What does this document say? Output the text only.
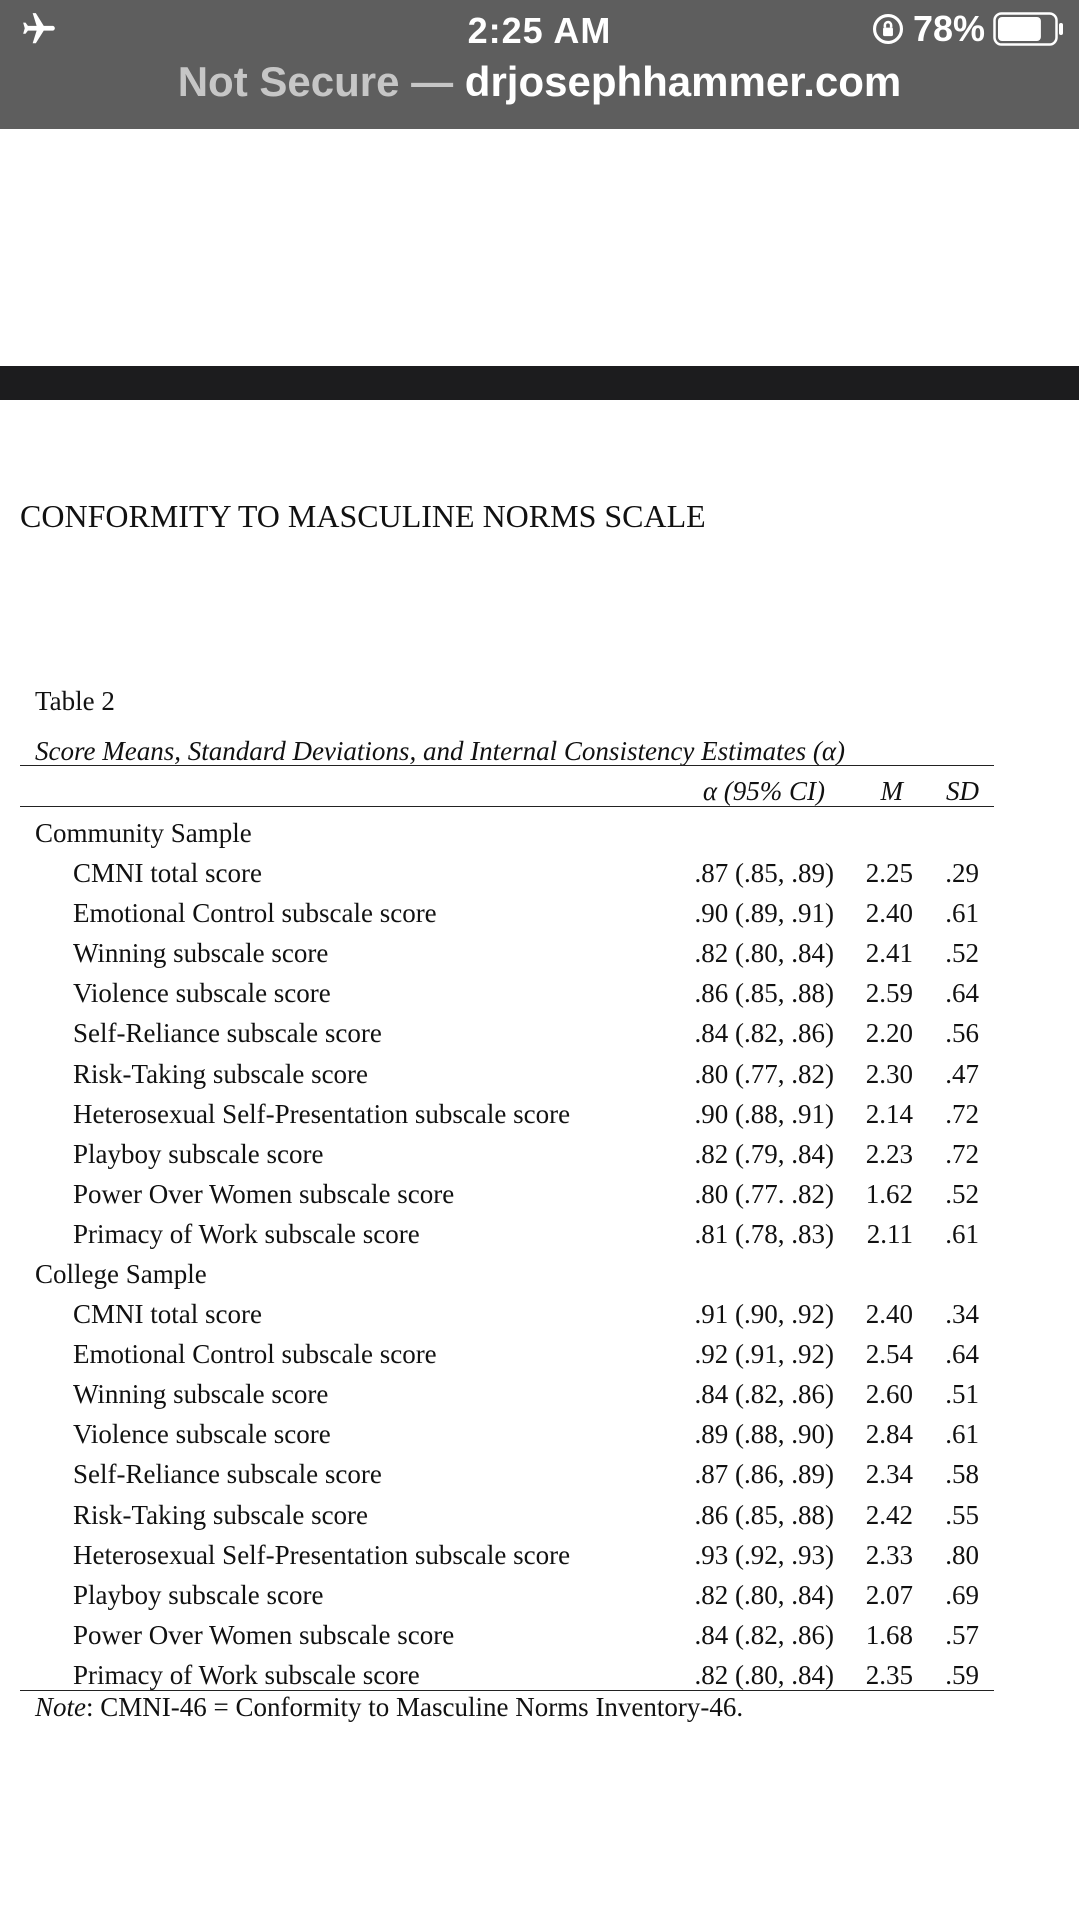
2:25 AM	78%
Not Secure — drjosephhammer.com
CONFORMITY TO MASCULINE NORMS SCALE
Table 2
Score Means, Standard Deviations, and Internal Consistency Estimates (α)
α (95% CI) M SD
Community Sample
CMNI total score	.87 (.85, .89) 2.25 .29
Emotional Control subscale score	.90 (.89, .91) 2.40 .61
Winning subscale score	.82 (.80, .84) 2.41 .52
Violence subscale score	.86 (.85, .88) 2.59 .64
Self-Reliance subscale score	.84 (.82, .86) 2.20 .56
Risk-Taking subscale score	.80 (.77, .82) 2.30 .47
Heterosexual Self-Presentation subscale score	.90 (.88, .91) 2.14 .72
Playboy subscale score	.82 (.79, .84) 2.23 .72
Power Over Women subscale score	.80 (.77. .82) 1.62 .52
Primacy of Work subscale score	.81 (.78, .83) 2.11 .61
College Sample
CMNI total score	.91 (.90, .92) 2.40 .34
Emotional Control subscale score	.92 (.91, .92) 2.54 .64
Winning subscale score	.84 (.82, .86) 2.60 .51
Violence subscale score	.89 (.88, .90) 2.84 .61
Self-Reliance subscale score	.87 (.86, .89) 2.34 .58
Risk-Taking subscale score	.86 (.85, .88) 2.42 .55
Heterosexual Self-Presentation subscale score	.93 (.92, .93) 2.33 .80
Playboy subscale score	.82 (.80, .84) 2.07 .69
Power Over Women subscale score	.84 (.82, .86) 1.68 .57
Primacy of Work subscale score	.82 (.80, .84) 2.35 .59
Note: CMNI-46 = Conformity to Masculine Norms Inventory-46.
